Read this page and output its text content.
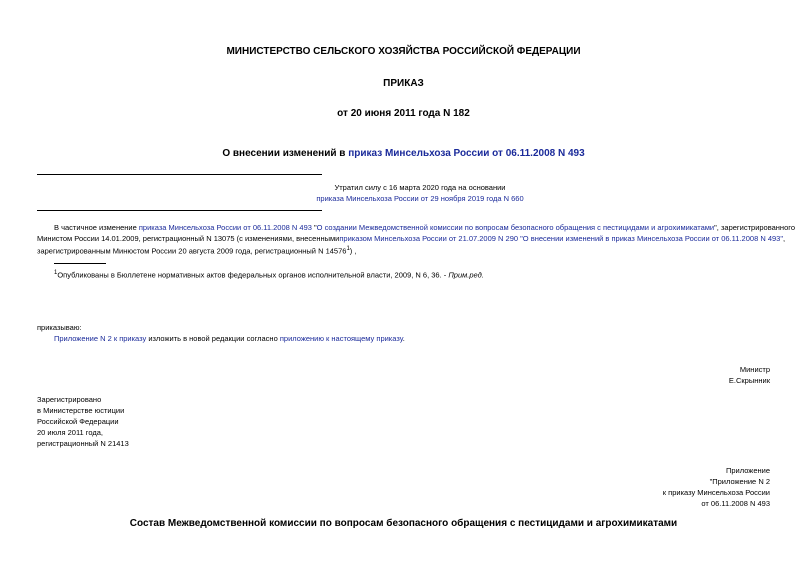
МИНИСТЕРСТВО СЕЛЬСКОГО ХОЗЯЙСТВА РОССИЙСКОЙ ФЕДЕРАЦИИ
ПРИКАЗ
от 20 июня 2011 года N 182
О внесении изменений в приказ Минсельхоза России от 06.11.2008 N 493
Утратил силу с 16 марта 2020 года на основании
приказа Минсельхоза России от 29 ноября 2019 года N 660
В частичное изменение приказа Минсельхоза России от 06.11.2008 N 493 "О создании Межведомственной комиссии по вопросам безопасного обращения с пестицидами и агрохимикатами", зарегистрированного Министом России 14.01.2009, регистрационный N 13075 (с изменениями, внесеннымиприказом Минсельхоза России от 21.07.2009 N 290 "О внесении изменений в приказ Минсельхоза России от 06.11.2008 N 493", зарегистрированным Минюстом России 20 августа 2009 года, регистрационный N 14576$^1$) ,
$^1$Опубликованы в Бюллетене нормативных актов федеральных органов исполнительной власти, 2009, N 6, 36. - Прим.ред.
приказываю:
Приложение N 2 к приказу изложить в новой редакции согласно приложению к настоящему приказу.
Министр
Е.Скрынник
Зарегистрировано
в Министерстве юстиции
Российской Федерации
20 июля 2011 года,
регистрационный N 21413
Приложение
"Приложение N 2
к приказу Минсельхоза России
от 06.11.2008 N 493
Состав Межведомственной комиссии по вопросам безопасного обращения с пестицидами и агрохимикатами
